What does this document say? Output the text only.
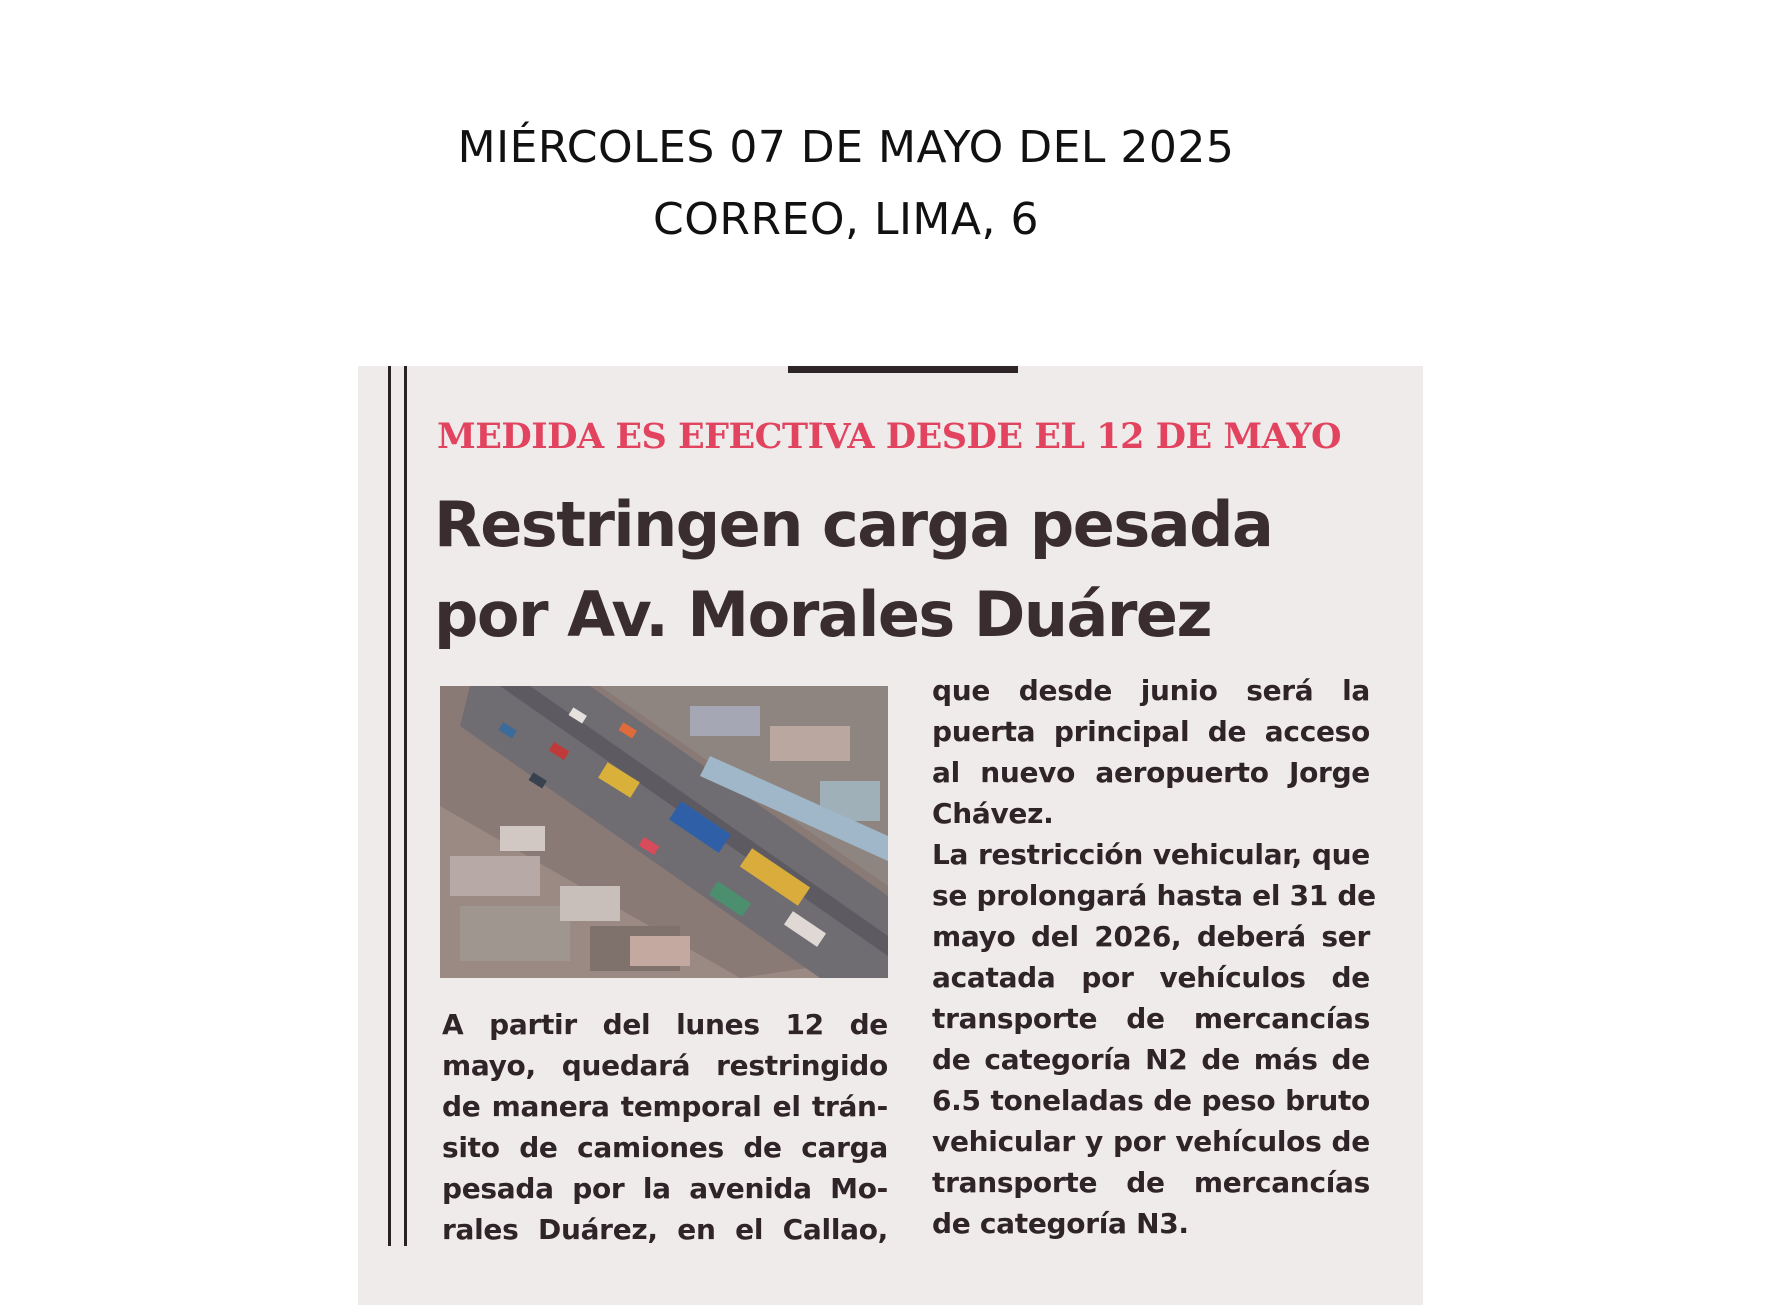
MIÉRCOLES 07 DE MAYO DEL 2025
CORREO, LIMA, 6
MEDIDA ES EFECTIVA DESDE EL 12 DE MAYO
Restringen carga pesada
por Av. Morales Duárez
A partir del lunes 12 de
mayo, quedará restringido
de manera temporal el trán-
sito de camiones de carga
pesada por la avenida Mo-
rales Duárez, en el Callao,
que desde junio será la
puerta principal de acceso
al nuevo aeropuerto Jorge
Chávez.
La restricción vehicular, que
se prolongará hasta el 31 de
mayo del 2026, deberá ser
acatada por vehículos de
transporte de mercancías
de categoría N2 de más de
6.5 toneladas de peso bruto
vehicular y por vehículos de
transporte de mercancías
de categoría N3.
